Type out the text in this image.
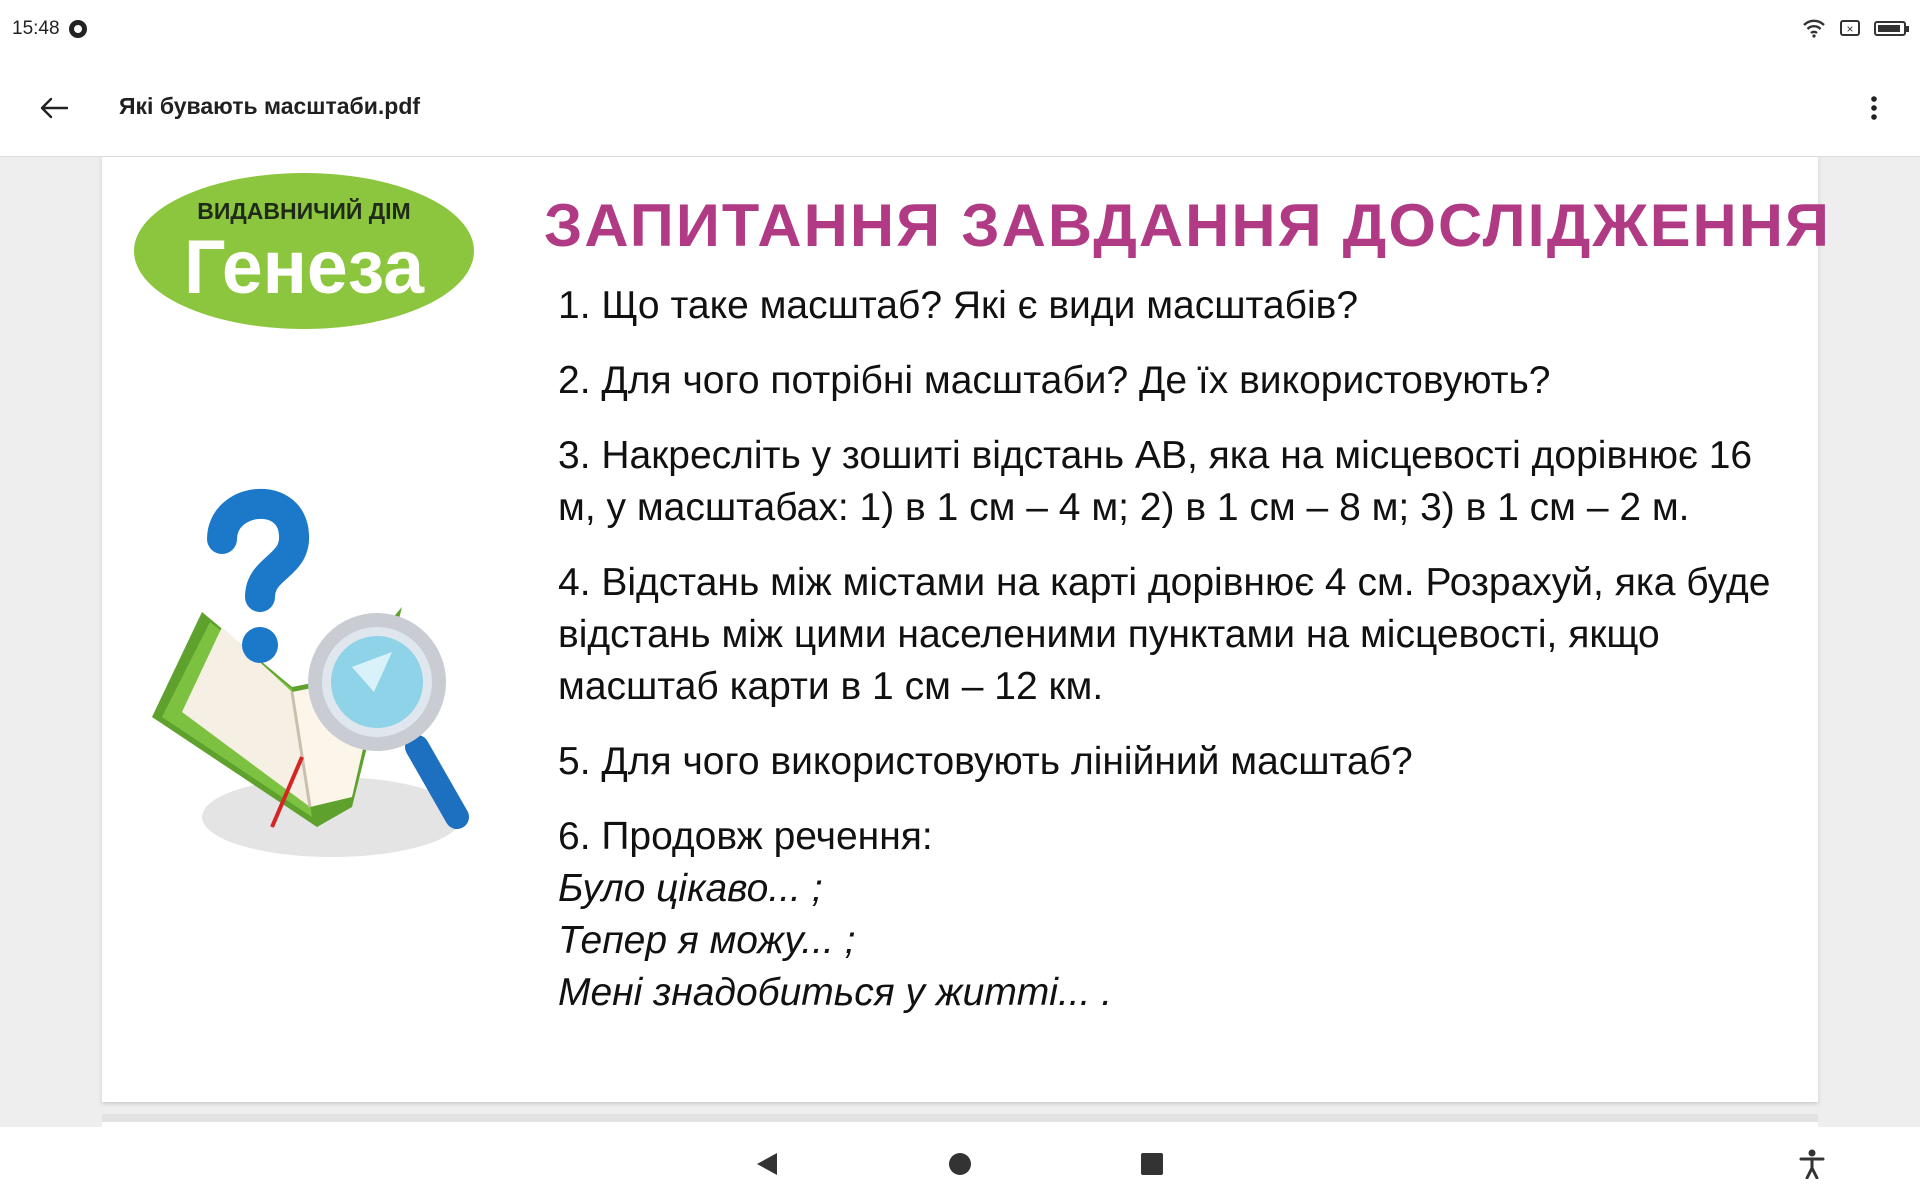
15:48	×
Які бувають масштаби.pdf
ВИДАВНИЧИЙ ДІМ
Генеза ЗАПИТАННЯ ЗАВДАННЯ ДОСЛІДЖЕННЯ

1. Що таке масштаб? Які є види масштабів?

2. Для чого потрібні масштаби? Де їх використовують?

3. Накресліть у зошиті відстань АВ, яка на місцевості дорівнює 16 м, у масштабах: 1) в 1 см – 4 м; 2) в 1 см – 8 м; 3) в 1 см – 2 м.

4. Відстань між містами на карті дорівнює 4 см. Розрахуй, яка буде відстань між цими населеними пунктами на місцевості, якщо масштаб карти в 1 см – 12 км.

5. Для чого використовують лінійний масштаб?

6. Продовж речення:
Було цікаво... ;
Тепер я можу... ;
Мені знадобиться у житті... .
